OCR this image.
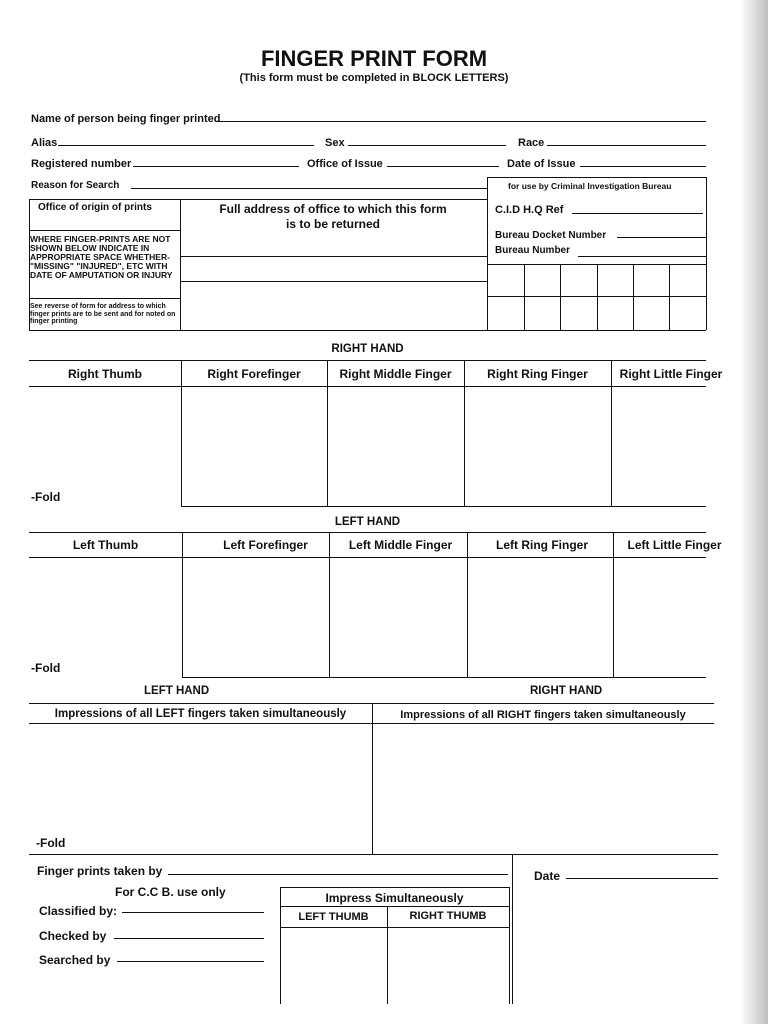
FINGER PRINT FORM
(This form must be completed in BLOCK LETTERS)
Name of person being finger printed
Alias	Sex	Race
Registered number	Office of Issue	Date of Issue
Reason for Search	for use by Criminal Investigation Bureau
C.I.D H.Q Ref
Bureau Docket Number
Bureau Number
Office of origin of prints	Full address of office to which this form is to be returned
WHERE FINGER-PRINTS ARE NOT SHOWN BELOW INDICATE IN APPROPRIATE SPACE WHETHER- "MISSING" "INJURED", ETC WITH DATE OF AMPUTATION OR INJURY
See reverse of form for address to which finger prints are to be sent and for noted on finger printing
RIGHT HAND
Right Thumb	Right Forefinger	Right Middle Finger	Right Ring Finger	Right Little Finger
-Fold
LEFT HAND
Left Thumb	Left Forefinger	Left Middle Finger	Left Ring Finger	Left Little Finger
-Fold
LEFT HAND	RIGHT HAND
Impressions of all LEFT fingers taken simultaneously	Impressions of all RIGHT fingers taken simultaneously
-Fold
Finger prints taken by	Date
For C.C B. use only
Classified by:
Checked by
Searched by
Impress Simultaneously
LEFT THUMB	RIGHT THUMB
